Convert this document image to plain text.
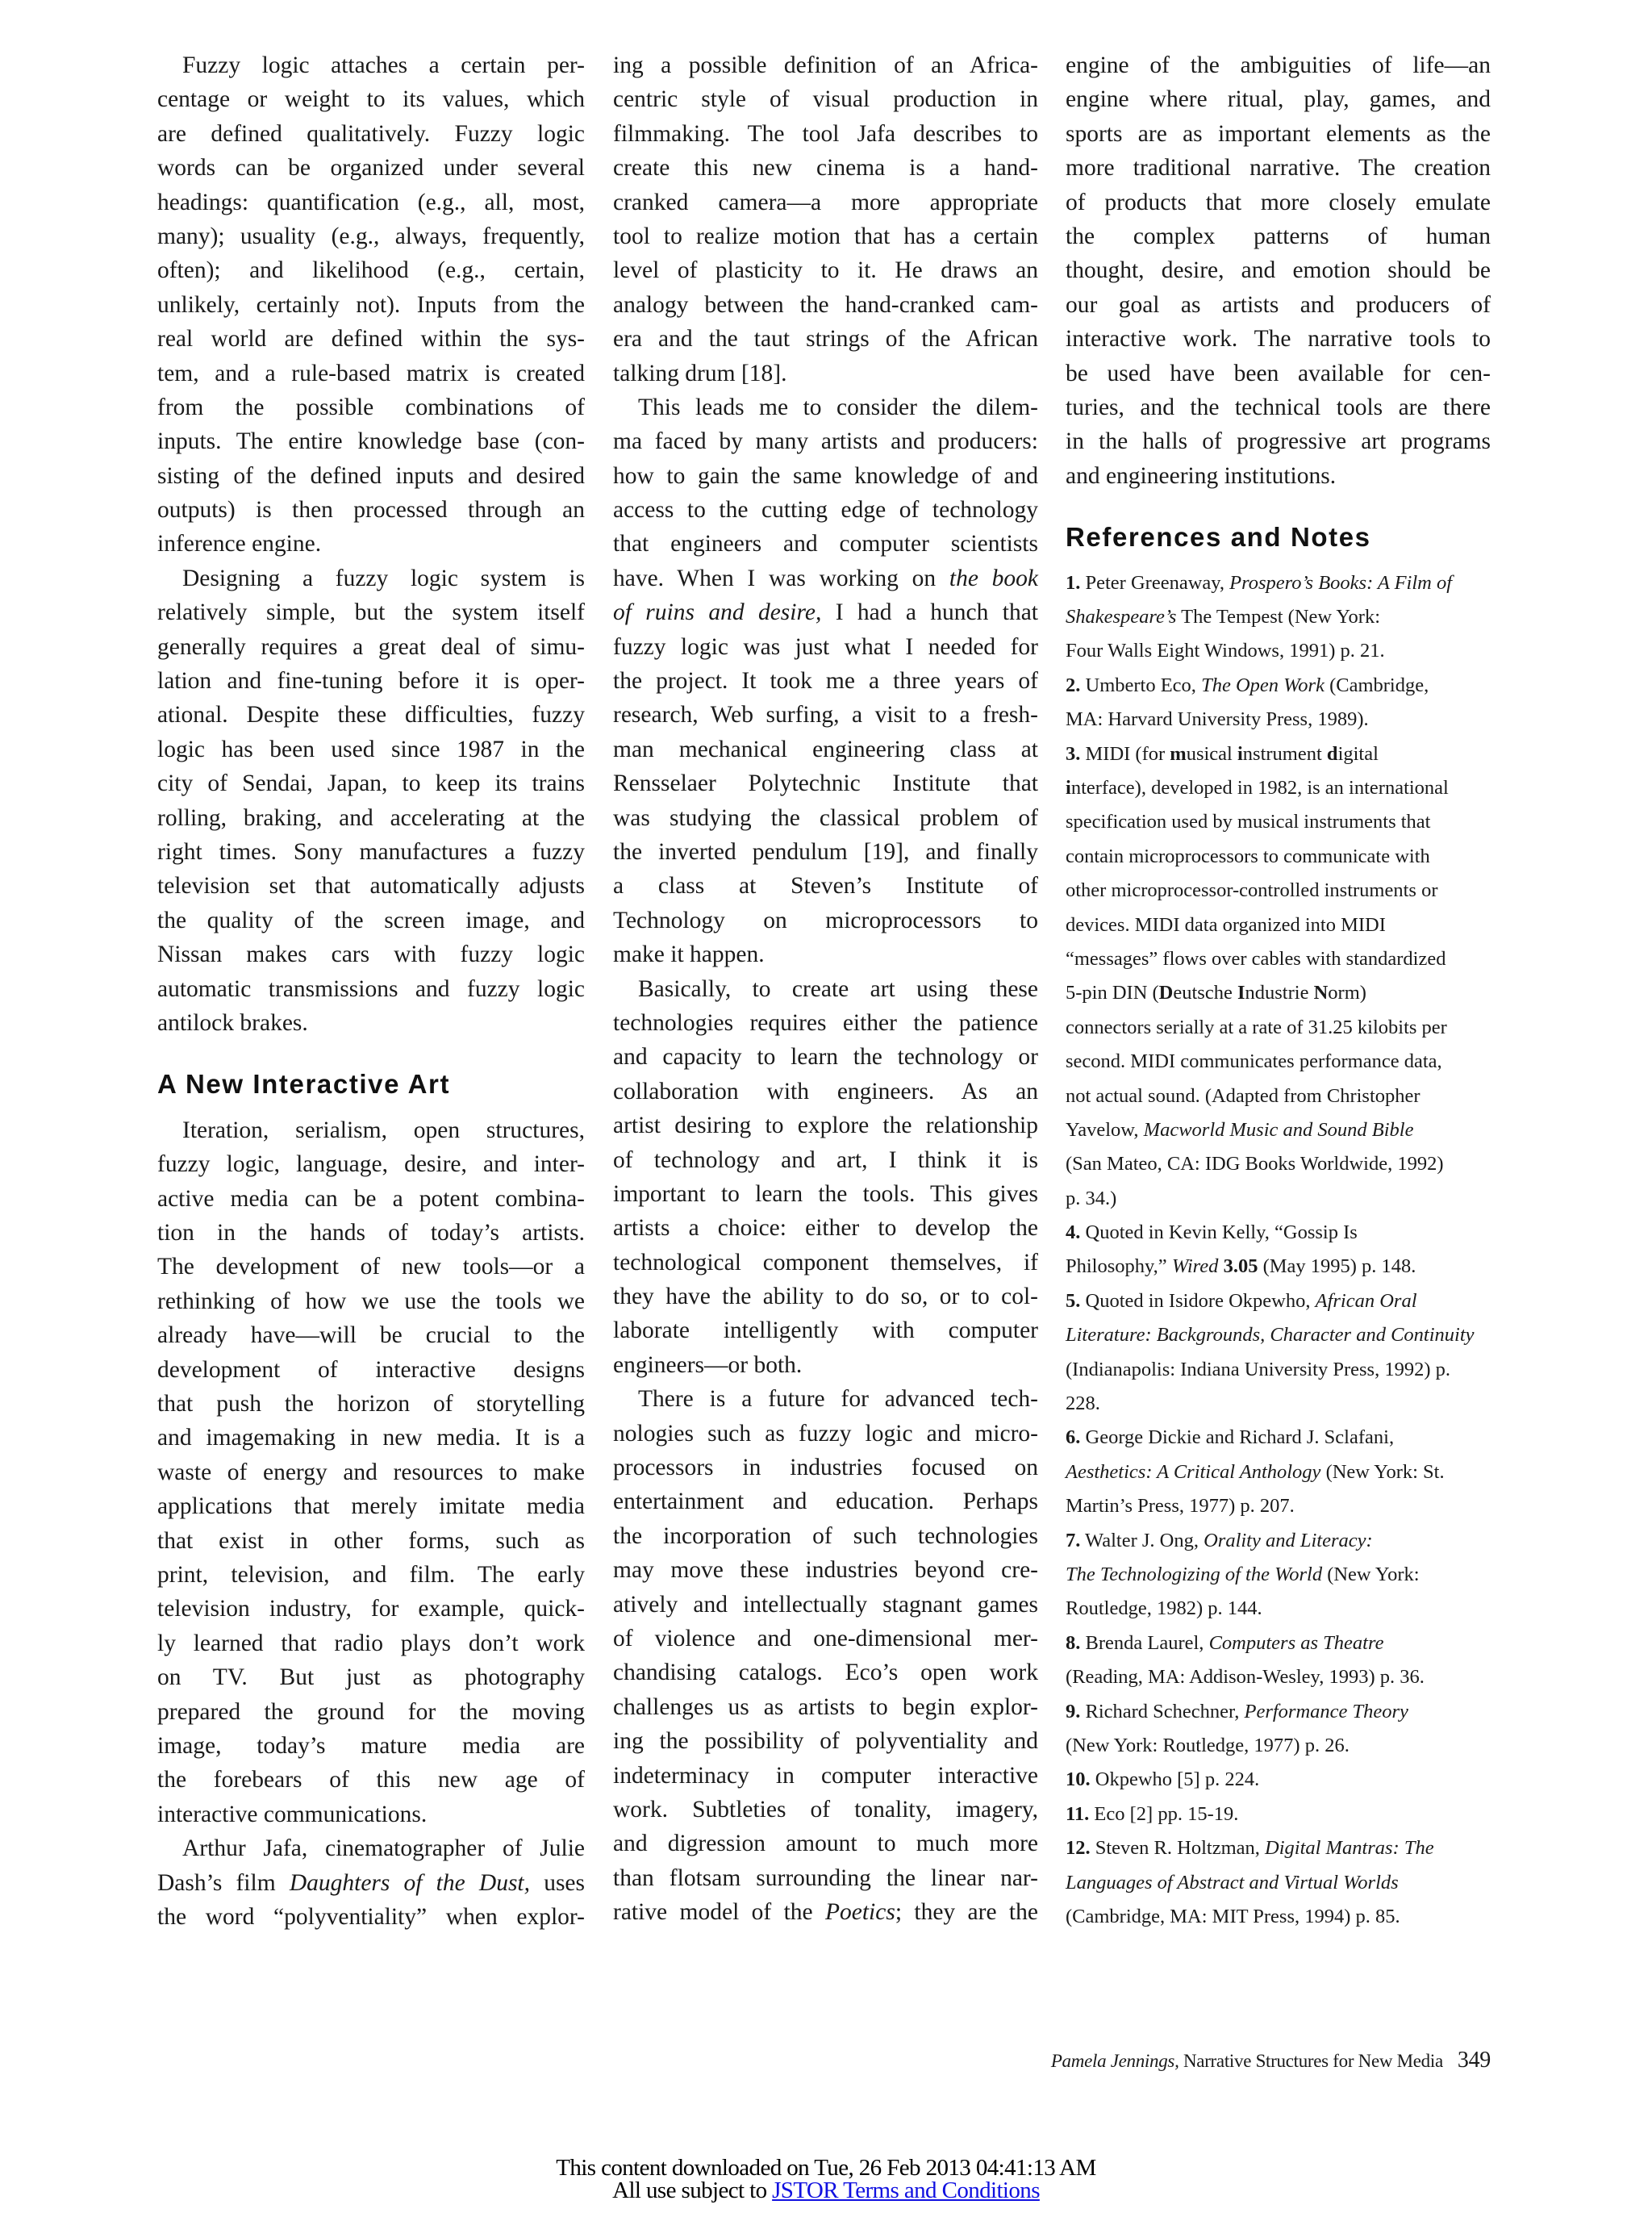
Fuzzy logic attaches a certain per-
centage or weight to its values, which
are defined qualitatively. Fuzzy logic
words can be organized under several
headings: quantification (e.g., all, most,
many); usuality (e.g., always, frequently,
often); and likelihood (e.g., certain,
unlikely, certainly not). Inputs from the
real world are defined within the sys-
tem, and a rule-based matrix is created
from the possible combinations of
inputs. The entire knowledge base (con-
sisting of the defined inputs and desired
outputs) is then processed through an
inference engine.
Designing a fuzzy logic system is
relatively simple, but the system itself
generally requires a great deal of simu-
lation and fine-tuning before it is oper-
ational. Despite these difficulties, fuzzy
logic has been used since 1987 in the
city of Sendai, Japan, to keep its trains
rolling, braking, and accelerating at the
right times. Sony manufactures a fuzzy
television set that automatically adjusts
the quality of the screen image, and
Nissan makes cars with fuzzy logic
automatic transmissions and fuzzy logic
antilock brakes.
A New Interactive Art
Iteration, serialism, open structures,
fuzzy logic, language, desire, and inter-
active media can be a potent combina-
tion in the hands of today’s artists.
The development of new tools—or a
rethinking of how we use the tools we
already have—will be crucial to the
development of interactive designs
that push the horizon of storytelling
and imagemaking in new media. It is a
waste of energy and resources to make
applications that merely imitate media
that exist in other forms, such as
print, television, and film. The early
television industry, for example, quick-
ly learned that radio plays don’t work
on TV. But just as photography
prepared the ground for the moving
image, today’s mature media are
the forebears of this new age of
interactive communications.
Arthur Jafa, cinematographer of Julie
Dash’s film Daughters of the Dust, uses
the word “polyventiality” when explor-
ing a possible definition of an Africa-
centric style of visual production in
filmmaking. The tool Jafa describes to
create this new cinema is a hand-
cranked camera—a more appropriate
tool to realize motion that has a certain
level of plasticity to it. He draws an
analogy between the hand-cranked cam-
era and the taut strings of the African
talking drum [18].
This leads me to consider the dilem-
ma faced by many artists and producers:
how to gain the same knowledge of and
access to the cutting edge of technology
that engineers and computer scientists
have. When I was working on the book
of ruins and desire, I had a hunch that
fuzzy logic was just what I needed for
the project. It took me a three years of
research, Web surfing, a visit to a fresh-
man mechanical engineering class at
Rensselaer Polytechnic Institute that
was studying the classical problem of
the inverted pendulum [19], and finally
a class at Steven’s Institute of
Technology on microprocessors to
make it happen.
Basically, to create art using these
technologies requires either the patience
and capacity to learn the technology or
collaboration with engineers. As an
artist desiring to explore the relationship
of technology and art, I think it is
important to learn the tools. This gives
artists a choice: either to develop the
technological component themselves, if
they have the ability to do so, or to col-
laborate intelligently with computer
engineers—or both.
There is a future for advanced tech-
nologies such as fuzzy logic and micro-
processors in industries focused on
entertainment and education. Perhaps
the incorporation of such technologies
may move these industries beyond cre-
atively and intellectually stagnant games
of violence and one-dimensional mer-
chandising catalogs. Eco’s open work
challenges us as artists to begin explor-
ing the possibility of polyventiality and
indeterminacy in computer interactive
work. Subtleties of tonality, imagery,
and digression amount to much more
than flotsam surrounding the linear nar-
rative model of the Poetics; they are the
engine of the ambiguities of life—an
engine where ritual, play, games, and
sports are as important elements as the
more traditional narrative. The creation
of products that more closely emulate
the complex patterns of human
thought, desire, and emotion should be
our goal as artists and producers of
interactive work. The narrative tools to
be used have been available for cen-
turies, and the technical tools are there
in the halls of progressive art programs
and engineering institutions.
References and Notes
1. Peter Greenaway, Prospero’s Books: A Film of
Shakespeare’s The Tempest (New York:
Four Walls Eight Windows, 1991) p. 21.
2. Umberto Eco, The Open Work (Cambridge,
MA: Harvard University Press, 1989).
3. MIDI (for musical instrument digital
interface), developed in 1982, is an international
specification used by musical instruments that
contain microprocessors to communicate with
other microprocessor-controlled instruments or
devices. MIDI data organized into MIDI
“messages” flows over cables with standardized
5-pin DIN (Deutsche Industrie Norm)
connectors serially at a rate of 31.25 kilobits per
second. MIDI communicates performance data,
not actual sound. (Adapted from Christopher
Yavelow, Macworld Music and Sound Bible
(San Mateo, CA: IDG Books Worldwide, 1992)
p. 34.)
4. Quoted in Kevin Kelly, “Gossip Is
Philosophy,” Wired 3.05 (May 1995) p. 148.
5. Quoted in Isidore Okpewho, African Oral
Literature: Backgrounds, Character and Continuity
(Indianapolis: Indiana University Press, 1992) p.
228.
6. George Dickie and Richard J. Sclafani,
Aesthetics: A Critical Anthology (New York: St.
Martin’s Press, 1977) p. 207.
7. Walter J. Ong, Orality and Literacy:
The Technologizing of the World (New York:
Routledge, 1982) p. 144.
8. Brenda Laurel, Computers as Theatre
(Reading, MA: Addison-Wesley, 1993) p. 36.
9. Richard Schechner, Performance Theory
(New York: Routledge, 1977) p. 26.
10. Okpewho [5] p. 224.
11. Eco [2] pp. 15-19.
12. Steven R. Holtzman, Digital Mantras: The
Languages of Abstract and Virtual Worlds
(Cambridge, MA: MIT Press, 1994) p. 85.
Pamela Jennings, Narrative Structures for New Media 349
This content downloaded on Tue, 26 Feb 2013 04:41:13 AM
All use subject to JSTOR Terms and Conditions
